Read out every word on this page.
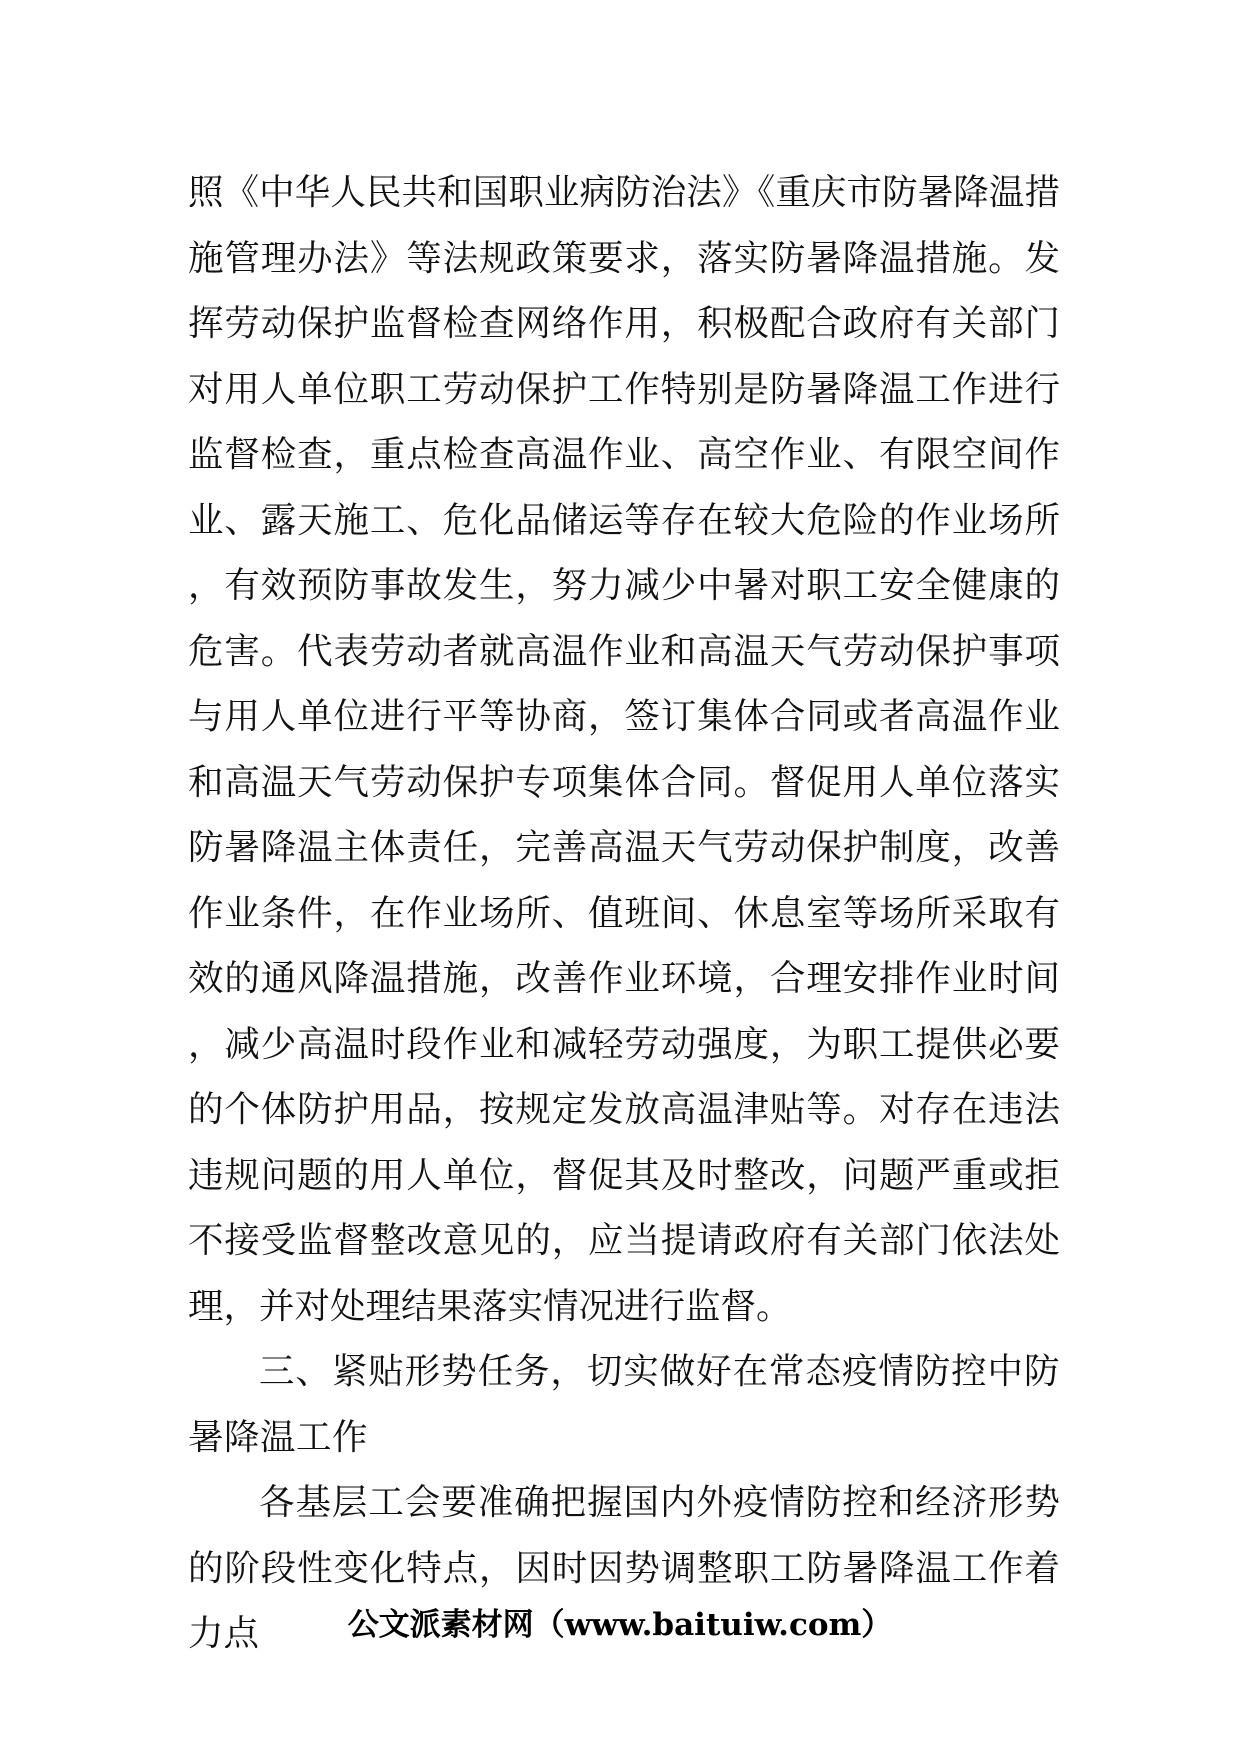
照《中华人民共和国职业病防治法》《重庆市防暑降温措施管理办法》等法规政策要求，落实防暑降温措施。发挥劳动保护监督检查网络作用，积极配合政府有关部门对用人单位职工劳动保护工作特别是防暑降温工作进行监督检查，重点检查高温作业、高空作业、有限空间作业、露天施工、危化品储运等存在较大危险的作业场所，有效预防事故发生，努力减少中暑对职工安全健康的危害。代表劳动者就高温作业和高温天气劳动保护事项与用人单位进行平等协商，签订集体合同或者高温作业和高温天气劳动保护专项集体合同。督促用人单位落实防暑降温主体责任，完善高温天气劳动保护制度，改善作业条件，在作业场所、值班间、休息室等场所采取有效的通风降温措施，改善作业环境，合理安排作业时间，减少高温时段作业和减轻劳动强度，为职工提供必要的个体防护用品，按规定发放高温津贴等。对存在违法违规问题的用人单位，督促其及时整改，问题严重或拒不接受监督整改意见的，应当提请政府有关部门依法处理，并对处理结果落实情况进行监督。

三、紧贴形势任务，切实做好在常态疫情防控中防暑降温工作

各基层工会要准确把握国内外疫情防控和经济形势的阶段性变化特点，因时因势调整职工防暑降温工作着力点	公文派素材网（www.baituiw.com）
